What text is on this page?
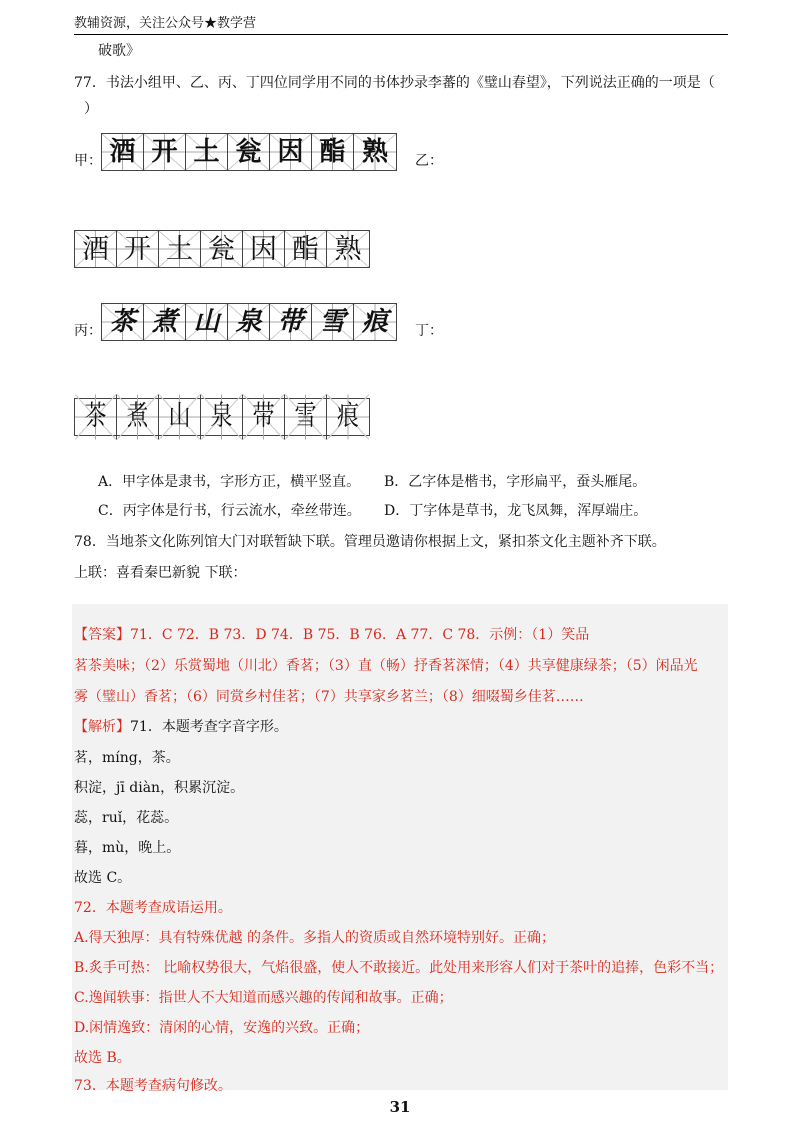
教辅资源，关注公众号★教学营
破歌》
77．书法小组甲、乙、丙、丁四位同学用不同的书体抄录李蕃的《璧山春望》，下列说法正确的一项是（
）
甲： 酒 开 土 瓮 因 酯 熟 乙：
酒 开 土 瓮 因 酯 熟
丙： 茶 煮 山 泉 带 雪 痕 丁：
茶 煮 山 泉 带 雪 痕
A．甲字体是隶书，字形方正，横平竖直。 B．乙字体是楷书，字形扁平，蚕头雁尾。
C．丙字体是行书，行云流水，牵丝带连。 D．丁字体是草书，龙飞凤舞，浑厚端庄。
78．当地茶文化陈列馆大门对联暂缺下联。管理员邀请你根据上文，紧扣茶文化主题补齐下联。
上联：喜看秦巴新貌 下联：
【答案】71．C 72．B 73．D 74．B 75．B 76．A 77．C 78．示例：（1）笑品
茗茶美味；（2）乐赏蜀地（川北）香茗；（3）直（畅）抒香茗深情；（4）共享健康绿茶；（5）闲品光
雾（璧山）香茗；（6）同赏乡村佳茗；（7）共享家乡茗兰；（8）细啜蜀乡佳茗……
【解析】71．本题考查字音字形。
茗，míng，茶。
积淀，jī diàn，积累沉淀。
蕊，ruǐ，花蕊。
暮，mù，晚上。
故选 C。
72．本题考查成语运用。
A.得天独厚：具有特殊优越 的条件。多指人的资质或自然环境特别好。正确；
B.炙手可热： 比喻权势很大，气焰很盛，使人不敢接近。此处用来形容人们对于茶叶的追捧，色彩不当；
C.逸闻轶事：指世人不大知道而感兴趣的传闻和故事。正确；
D.闲情逸致：清闲的心情，安逸的兴致。正确；
故选 B。
73．本题考查病句修改。
31
